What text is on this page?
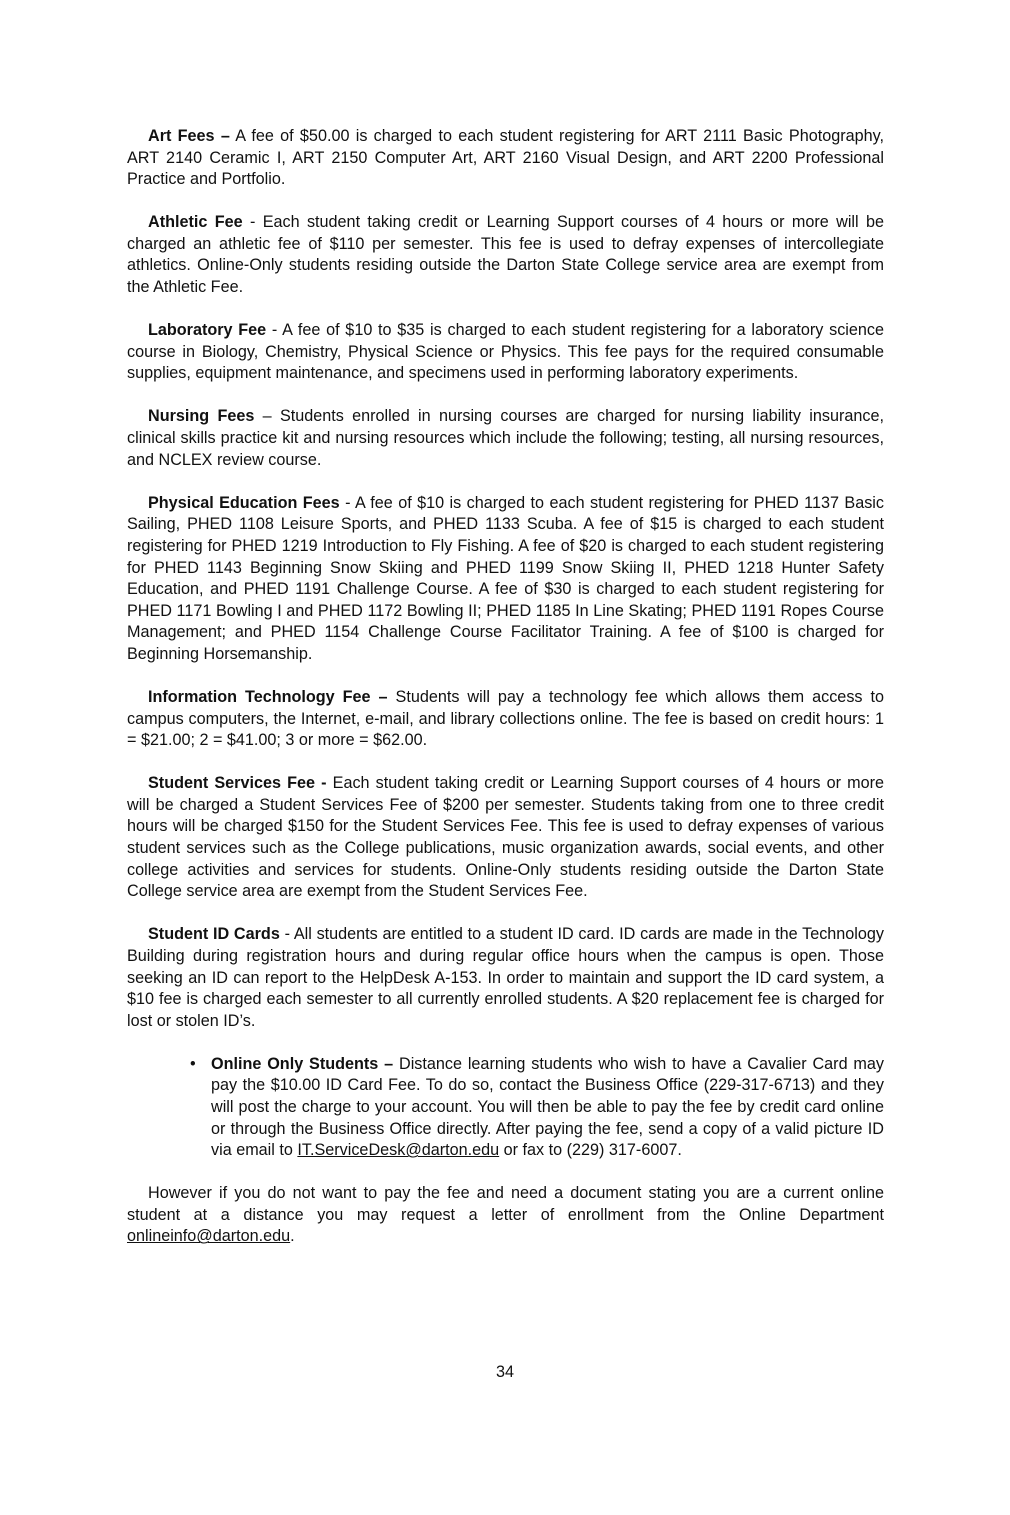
Art Fees – A fee of $50.00 is charged to each student registering for ART 2111 Basic Photography, ART 2140 Ceramic I, ART 2150 Computer Art, ART 2160 Visual Design, and ART 2200 Professional Practice and Portfolio.

Athletic Fee - Each student taking credit or Learning Support courses of 4 hours or more will be charged an athletic fee of $110 per semester. This fee is used to defray expenses of intercollegiate athletics. Online-Only students residing outside the Darton State College service area are exempt from the Athletic Fee.

Laboratory Fee - A fee of $10 to $35 is charged to each student registering for a laboratory science course in Biology, Chemistry, Physical Science or Physics. This fee pays for the required consumable supplies, equipment maintenance, and specimens used in performing laboratory experiments.

Nursing Fees – Students enrolled in nursing courses are charged for nursing liability insurance, clinical skills practice kit and nursing resources which include the following; testing, all nursing resources, and NCLEX review course.

Physical Education Fees - A fee of $10 is charged to each student registering for PHED 1137 Basic Sailing, PHED 1108 Leisure Sports, and PHED 1133 Scuba. A fee of $15 is charged to each student registering for PHED 1219 Introduction to Fly Fishing. A fee of $20 is charged to each student registering for PHED 1143 Beginning Snow Skiing and PHED 1199 Snow Skiing II, PHED 1218 Hunter Safety Education, and PHED 1191 Challenge Course. A fee of $30 is charged to each student registering for PHED 1171 Bowling I and PHED 1172 Bowling II; PHED 1185 In Line Skating; PHED 1191 Ropes Course Management; and PHED 1154 Challenge Course Facilitator Training. A fee of $100 is charged for Beginning Horsemanship.

Information Technology Fee – Students will pay a technology fee which allows them access to campus computers, the Internet, e-mail, and library collections online. The fee is based on credit hours: 1 = $21.00; 2 = $41.00; 3 or more = $62.00.

Student Services Fee - Each student taking credit or Learning Support courses of 4 hours or more will be charged a Student Services Fee of $200 per semester. Students taking from one to three credit hours will be charged $150 for the Student Services Fee. This fee is used to defray expenses of various student services such as the College publications, music organization awards, social events, and other college activities and services for students. Online-Only students residing outside the Darton State College service area are exempt from the Student Services Fee.

Student ID Cards - All students are entitled to a student ID card. ID cards are made in the Technology Building during registration hours and during regular office hours when the campus is open. Those seeking an ID can report to the HelpDesk A-153. In order to maintain and support the ID card system, a $10 fee is charged each semester to all currently enrolled students. A $20 replacement fee is charged for lost or stolen ID’s.

• Online Only Students – Distance learning students who wish to have a Cavalier Card may pay the $10.00 ID Card Fee. To do so, contact the Business Office (229-317-6713) and they will post the charge to your account. You will then be able to pay the fee by credit card online or through the Business Office directly. After paying the fee, send a copy of a valid picture ID via email to IT.ServiceDesk@darton.edu or fax to (229) 317-6007.

However if you do not want to pay the fee and need a document stating you are a current online student at a distance you may request a letter of enrollment from the Online Department onlineinfo@darton.edu.

34
